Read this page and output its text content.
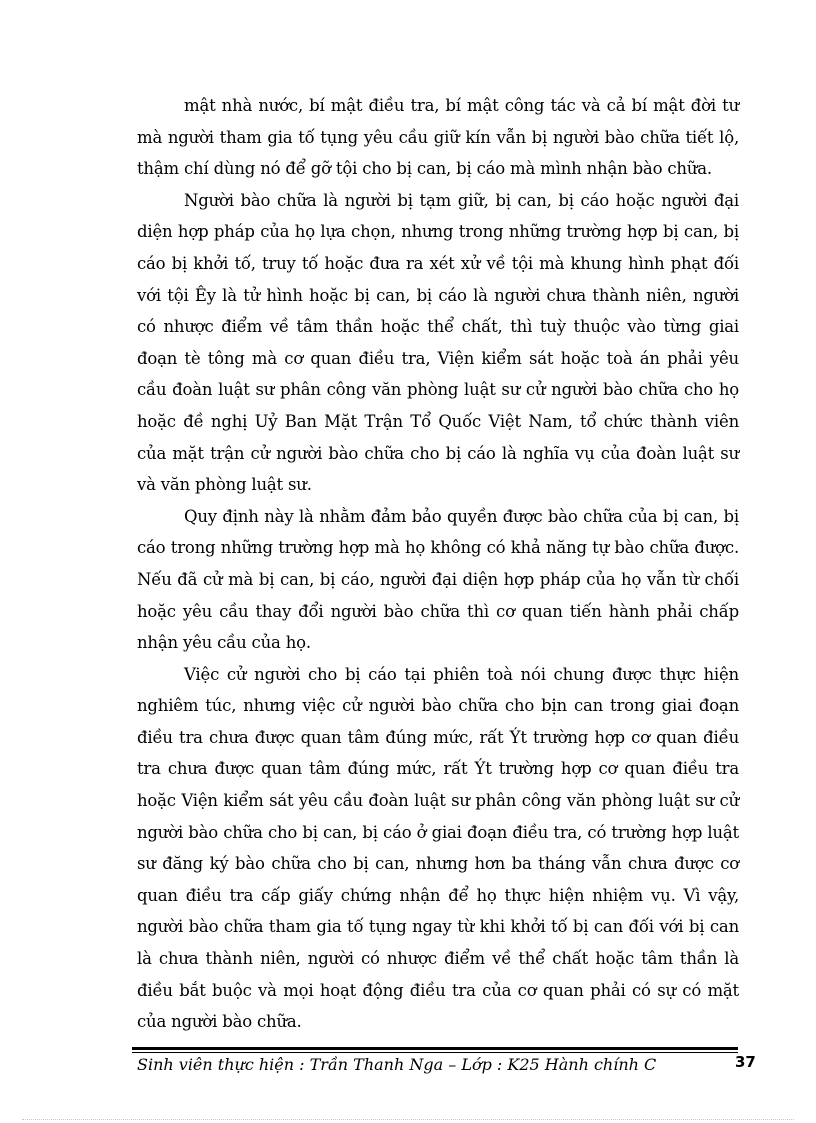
mật nhà nước, bí mật điều tra, bí mật công tác và cả bí mật đời tư mà người tham gia tố tụng yêu cầu giữ kín vẫn bị người bào chữa tiết lộ, thậm chí dùng nó để gỡ tội cho bị can, bị cáo mà mình nhận bào chữa.

Người bào chữa là người bị tạm giữ, bị can, bị cáo hoặc người đại diện hợp pháp của họ lựa chọn, nhưng trong những trường hợp bị can, bị cáo bị khởi tố, truy tố hoặc đưa ra xét xử về tội mà khung hình phạt đối với tội Êy là tử hình hoặc bị can, bị cáo là người chưa thành niên, người có nhược điểm về tâm thần hoặc thể chất, thì tuỳ thuộc vào từng giai đoạn tè tông mà cơ quan điều tra, Viện kiểm sát hoặc toà án phải yêu cầu đoàn luật sư phân công văn phòng luật sư cử người bào chữa cho họ hoặc đề nghị Uỷ Ban Mặt Trận Tổ Quốc Việt Nam, tổ chức thành viên của mặt trận cử người bào chữa cho bị cáo là nghĩa vụ của đoàn luật sư và văn phòng luật sư.

Quy định này là nhằm đảm bảo quyền được bào chữa của bị can, bị cáo trong những trường hợp mà họ không có khả năng tự bào chữa được. Nếu đã cử mà bị can, bị cáo, người đại diện hợp pháp của họ vẫn từ chối hoặc yêu cầu thay đổi người bào chữa thì cơ quan tiến hành phải chấp nhận yêu cầu của họ.

Việc cử người cho bị cáo tại phiên toà nói chung được thực hiện nghiêm túc, nhưng việc cử người bào chữa cho bịn can trong giai đoạn điều tra chưa được quan tâm đúng mức, rất Ýt trường hợp cơ quan điều tra chưa được quan tâm đúng mức, rất Ýt trường hợp cơ quan điều tra hoặc Viện kiểm sát yêu cầu đoàn luật sư phân công văn phòng luật sư cử người bào chữa cho bị can, bị cáo ở giai đoạn điều tra, có trường hợp luật sư đăng ký bào chữa cho bị can, nhưng hơn ba tháng vẫn chưa được cơ quan điều tra cấp giấy chứng nhận để họ thực hiện nhiệm vụ. Vì vậy, người bào chữa tham gia tố tụng ngay từ khi khởi tố bị can đối với bị can là chưa thành niên, người có nhược điểm về thể chất hoặc tâm thần là điều bắt buộc và mọi hoạt động điều tra của cơ quan phải có sự có mặt của người bào chữa.

Sinh viên thực hiện : Trần Thanh Nga – Lớp : K25 Hành chính C	37
